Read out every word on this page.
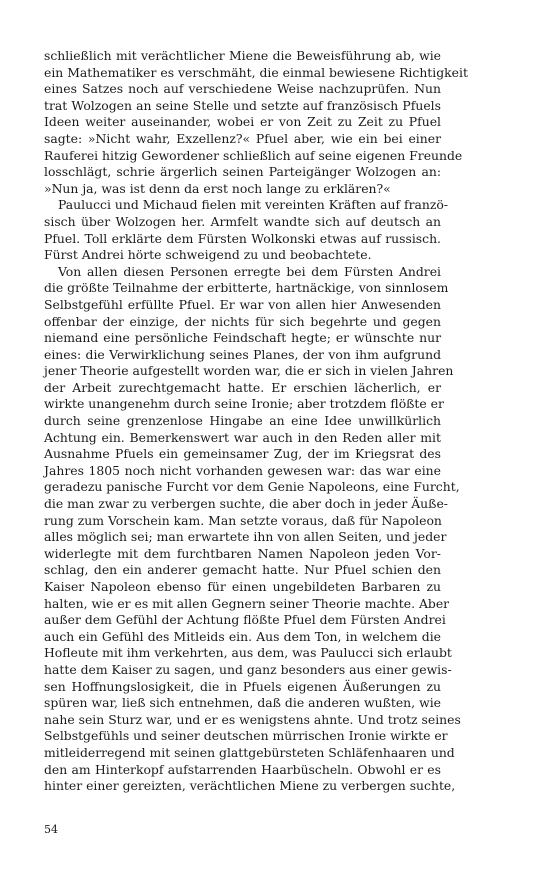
schließlich mit verächtlicher Miene die Beweisführung ab, wie
ein Mathematiker es verschmäht, die einmal bewiesene Richtigkeit
eines Satzes noch auf verschiedene Weise nachzuprüfen. Nun
trat Wolzogen an seine Stelle und setzte auf französisch Pfuels
Ideen weiter auseinander, wobei er von Zeit zu Zeit zu Pfuel
sagte: »Nicht wahr, Exzellenz?« Pfuel aber, wie ein bei einer
Rauferei hitzig Gewordener schließlich auf seine eigenen Freunde
losschlägt, schrie ärgerlich seinen Parteigänger Wolzogen an:
»Nun ja, was ist denn da erst noch lange zu erklären?«
Paulucci und Michaud fielen mit vereinten Kräften auf franzö-
sisch über Wolzogen her. Armfelt wandte sich auf deutsch an
Pfuel. Toll erklärte dem Fürsten Wolkonski etwas auf russisch.
Fürst Andrei hörte schweigend zu und beobachtete.
Von allen diesen Personen erregte bei dem Fürsten Andrei
die größte Teilnahme der erbitterte, hartnäckige, von sinnlosem
Selbstgefühl erfüllte Pfuel. Er war von allen hier Anwesenden
offenbar der einzige, der nichts für sich begehrte und gegen
niemand eine persönliche Feindschaft hegte; er wünschte nur
eines: die Verwirklichung seines Planes, der von ihm aufgrund
jener Theorie aufgestellt worden war, die er sich in vielen Jahren
der Arbeit zurechtgemacht hatte. Er erschien lächerlich, er
wirkte unangenehm durch seine Ironie; aber trotzdem flößte er
durch seine grenzenlose Hingabe an eine Idee unwillkürlich
Achtung ein. Bemerkenswert war auch in den Reden aller mit
Ausnahme Pfuels ein gemeinsamer Zug, der im Kriegsrat des
Jahres 1805 noch nicht vorhanden gewesen war: das war eine
geradezu panische Furcht vor dem Genie Napoleons, eine Furcht,
die man zwar zu verbergen suchte, die aber doch in jeder Äuße-
rung zum Vorschein kam. Man setzte voraus, daß für Napoleon
alles möglich sei; man erwartete ihn von allen Seiten, und jeder
widerlegte mit dem furchtbaren Namen Napoleon jeden Vor-
schlag, den ein anderer gemacht hatte. Nur Pfuel schien den
Kaiser Napoleon ebenso für einen ungebildeten Barbaren zu
halten, wie er es mit allen Gegnern seiner Theorie machte. Aber
außer dem Gefühl der Achtung flößte Pfuel dem Fürsten Andrei
auch ein Gefühl des Mitleids ein. Aus dem Ton, in welchem die
Hofleute mit ihm verkehrten, aus dem, was Paulucci sich erlaubt
hatte dem Kaiser zu sagen, und ganz besonders aus einer gewis-
sen Hoffnungslosigkeit, die in Pfuels eigenen Äußerungen zu
spüren war, ließ sich entnehmen, daß die anderen wußten, wie
nahe sein Sturz war, und er es wenigstens ahnte. Und trotz seines
Selbstgefühls und seiner deutschen mürrischen Ironie wirkte er
mitleiderregend mit seinen glattgebürsteten Schläfenhaaren und
den am Hinterkopf aufstarrenden Haarbüscheln. Obwohl er es
hinter einer gereizten, verächtlichen Miene zu verbergen suchte,
54
